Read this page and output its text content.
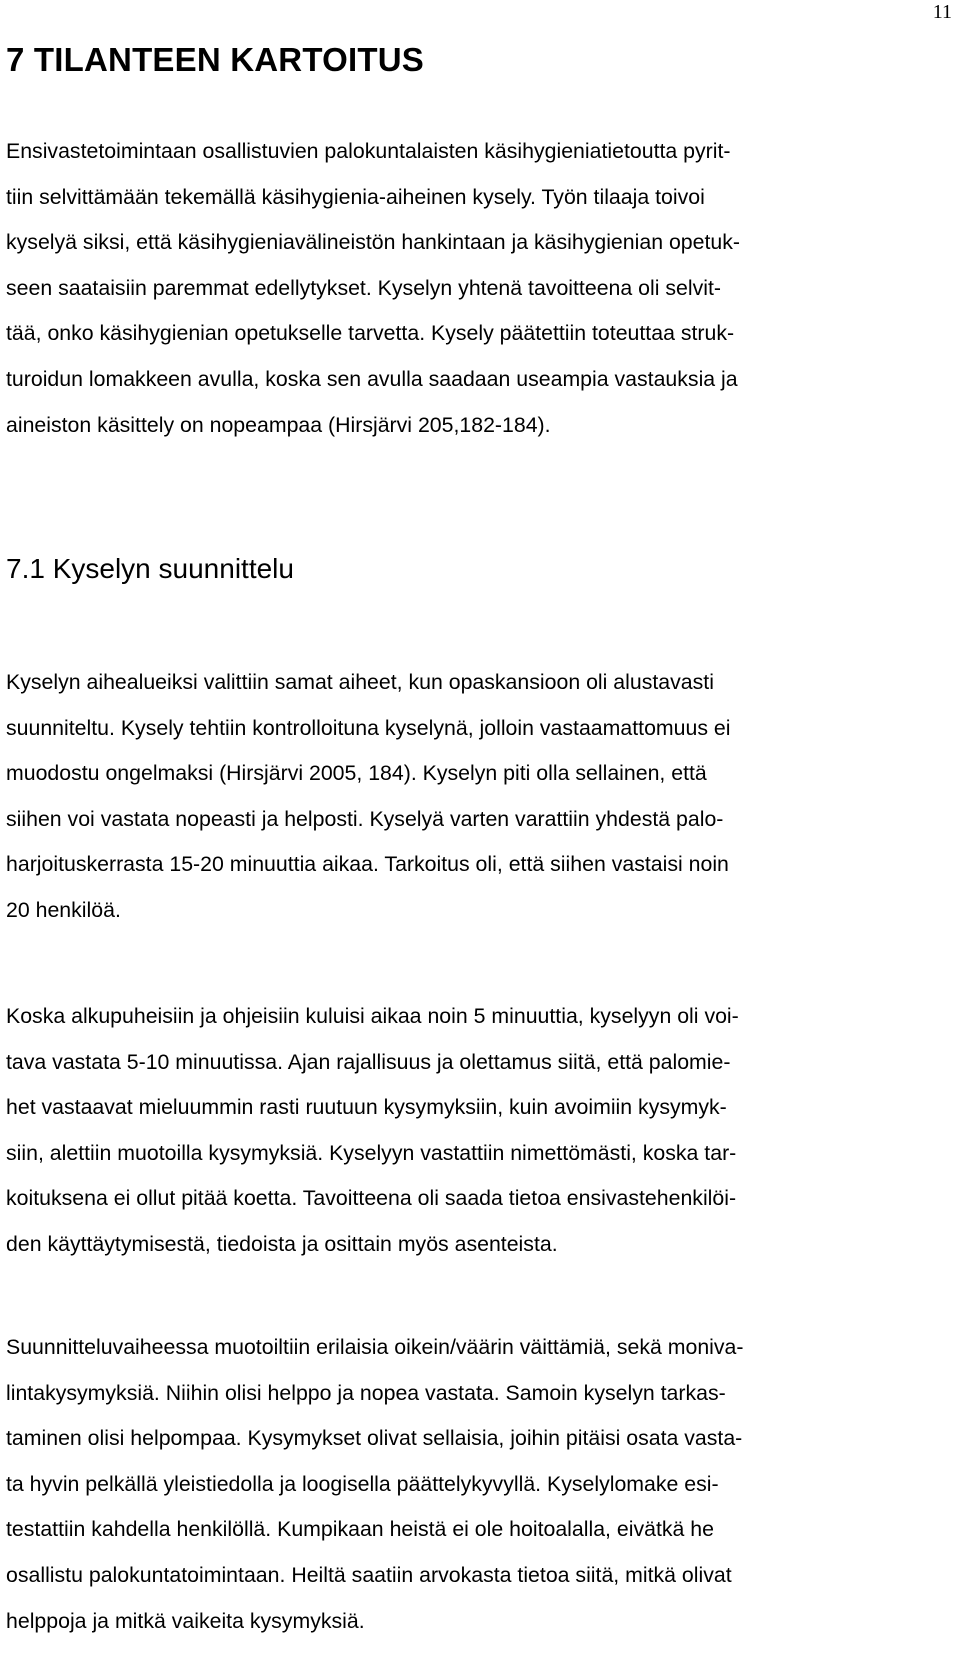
11
7 TILANTEEN KARTOITUS
Ensivastetoimintaan osallistuvien palokuntalaisten käsihygieniatietoutta pyrit-
tiin selvittämään tekemällä käsihygienia-aiheinen kysely. Työn tilaaja toivoi
kyselyä siksi, että käsihygieniavälineistön hankintaan ja käsihygienian opetuk-
seen saataisiin paremmat edellytykset. Kyselyn yhtenä tavoitteena oli selvit-
tää, onko käsihygienian opetukselle tarvetta. Kysely päätettiin toteuttaa struk-
turoidun lomakkeen avulla, koska sen avulla saadaan useampia vastauksia ja
aineiston käsittely on nopeampaa (Hirsjärvi 205,182-184).
7.1 Kyselyn suunnittelu
Kyselyn aihealueiksi valittiin samat aiheet, kun opaskansioon oli alustavasti
suunniteltu. Kysely tehtiin kontrolloituna kyselynä, jolloin vastaamattomuus ei
muodostu ongelmaksi (Hirsjärvi 2005, 184). Kyselyn piti olla sellainen, että
siihen voi vastata nopeasti ja helposti. Kyselyä varten varattiin yhdestä palo-
harjoituskerrasta 15-20 minuuttia aikaa. Tarkoitus oli, että siihen vastaisi noin
20 henkilöä.
Koska alkupuheisiin ja ohjeisiin kuluisi aikaa noin 5 minuuttia, kyselyyn oli voi-
tava vastata 5-10 minuutissa. Ajan rajallisuus ja olettamus siitä, että palomie-
het vastaavat mieluummin rasti ruutuun kysymyksiin, kuin avoimiin kysymyk-
siin, alettiin muotoilla kysymyksiä. Kyselyyn vastattiin nimettömästi, koska tar-
koituksena ei ollut pitää koetta. Tavoitteena oli saada tietoa ensivastehenkilöi-
den käyttäytymisestä, tiedoista ja osittain myös asenteista.
Suunnitteluvaiheessa muotoiltiin erilaisia oikein/väärin väittämiä, sekä moniva-
lintakysymyksiä. Niihin olisi helppo ja nopea vastata. Samoin kyselyn tarkas-
taminen olisi helpompaa. Kysymykset olivat sellaisia, joihin pitäisi osata vasta-
ta hyvin pelkällä yleistiedolla ja loogisella päättelykyvyllä. Kyselylomake esi-
testattiin kahdella henkilöllä. Kumpikaan heistä ei ole hoitoalalla, eivätkä he
osallistu palokuntatoimintaan. Heiltä saatiin arvokasta tietoa siitä, mitkä olivat
helppoja ja mitkä vaikeita kysymyksiä.
